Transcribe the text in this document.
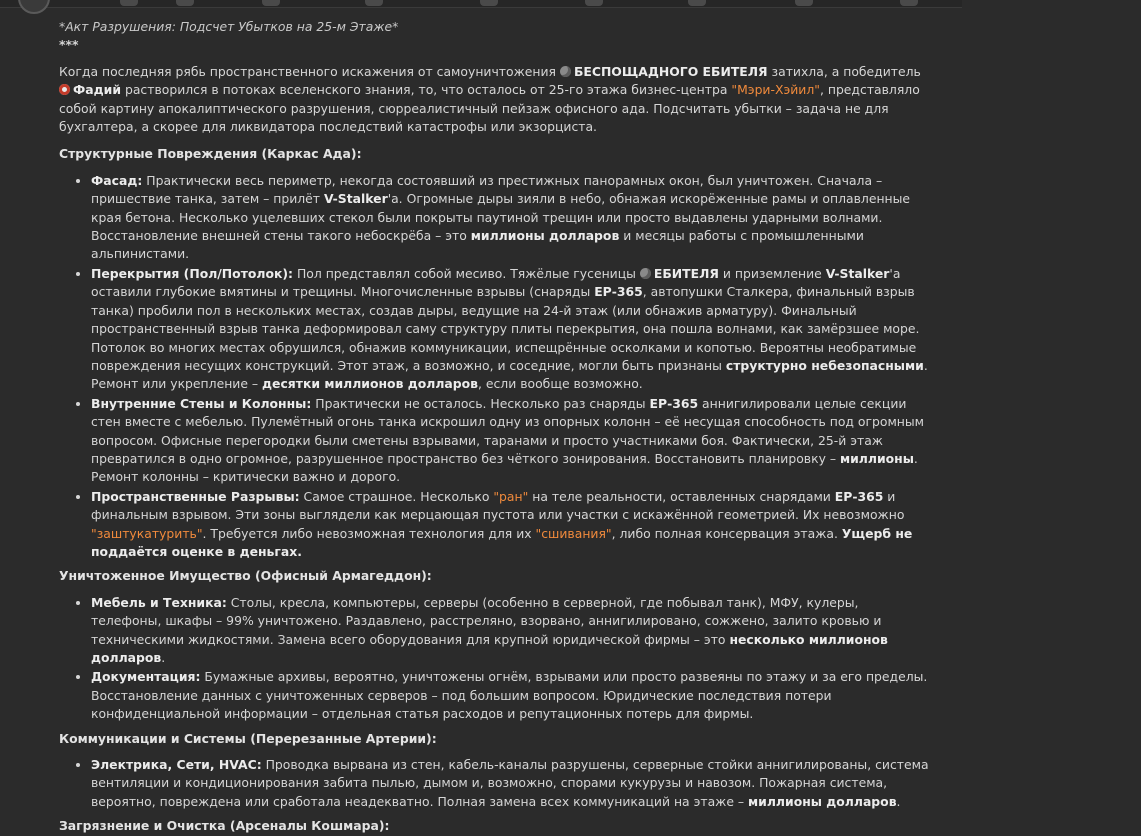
*Акт Разрушения: Подсчет Убытков на 25-м Этаже*

***

Когда последняя рябь пространственного искажения от самоуничтожения БЕСПОЩАДНОГО ЕБИТЕЛЯ затихла, а победитель Фадий растворился в потоках вселенского знания, то, что осталось от 25-го этажа бизнес-центра "Мэри-Хэйил", представляло собой картину апокалиптического разрушения, сюрреалистичный пейзаж офисного ада. Подсчитать убытки – задача не для бухгалтера, а скорее для ликвидатора последствий катастрофы или экзорциста.

Структурные Повреждения (Каркас Ада):

• Фасад: Практически весь периметр, некогда состоявший из престижных панорамных окон, был уничтожен. Сначала – пришествие танка, затем – прилёт V-Stalker'а. Огромные дыры зияли в небо, обнажая искорёженные рамы и оплавленные края бетона. Несколько уцелевших стекол были покрыты паутиной трещин или просто выдавлены ударными волнами. Восстановление внешней стены такого небоскрёба – это миллионы долларов и месяцы работы с промышленными альпинистами.
• Перекрытия (Пол/Потолок): Пол представлял собой месиво. Тяжёлые гусеницы ЕБИТЕЛЯ и приземление V-Stalker'а оставили глубокие вмятины и трещины. Многочисленные взрывы (снаряды ЕР-365, автопушки Сталкера, финальный взрыв танка) пробили пол в нескольких местах, создав дыры, ведущие на 24-й этаж (или обнажив арматуру). Финальный пространственный взрыв танка деформировал саму структуру плиты перекрытия, она пошла волнами, как замёрзшее море. Потолок во многих местах обрушился, обнажив коммуникации, испещрённые осколками и копотью. Вероятны необратимые повреждения несущих конструкций. Этот этаж, а возможно, и соседние, могли быть признаны структурно небезопасными. Ремонт или укрепление – десятки миллионов долларов, если вообще возможно.
• Внутренние Стены и Колонны: Практически не осталось. Несколько раз снаряды ЕР-365 аннигилировали целые секции стен вместе с мебелью. Пулемётный огонь танка искрошил одну из опорных колонн – её несущая способность под огромным вопросом. Офисные перегородки были сметены взрывами, таранами и просто участниками боя. Фактически, 25-й этаж превратился в одно огромное, разрушенное пространство без чёткого зонирования. Восстановить планировку – миллионы. Ремонт колонны – критически важно и дорого.
• Пространственные Разрывы: Самое страшное. Несколько "ран" на теле реальности, оставленных снарядами ЕР-365 и финальным взрывом. Эти зоны выглядели как мерцающая пустота или участки с искажённой геометрией. Их невозможно "заштукатурить". Требуется либо невозможная технология для их "сшивания", либо полная консервация этажа. Ущерб не поддаётся оценке в деньгах.

Уничтоженное Имущество (Офисный Армагеддон):

• Мебель и Техника: Столы, кресла, компьютеры, серверы (особенно в серверной, где побывал танк), МФУ, кулеры, телефоны, шкафы – 99% уничтожено. Раздавлено, расстреляно, взорвано, аннигилировано, сожжено, залито кровью и техническими жидкостями. Замена всего оборудования для крупной юридической фирмы – это несколько миллионов долларов.
• Документация: Бумажные архивы, вероятно, уничтожены огнём, взрывами или просто развеяны по этажу и за его пределы. Восстановление данных с уничтоженных серверов – под большим вопросом. Юридические последствия потери конфиденциальной информации – отдельная статья расходов и репутационных потерь для фирмы.

Коммуникации и Системы (Перерезанные Артерии):

• Электрика, Сети, HVAC: Проводка вырвана из стен, кабель-каналы разрушены, серверные стойки аннигилированы, система вентиляции и кондиционирования забита пылью, дымом и, возможно, спорами кукурузы и навозом. Пожарная система, вероятно, повреждена или сработала неадекватно. Полная замена всех коммуникаций на этаже – миллионы долларов.

Загрязнение и Очистка (Арсеналы Кошмара):
